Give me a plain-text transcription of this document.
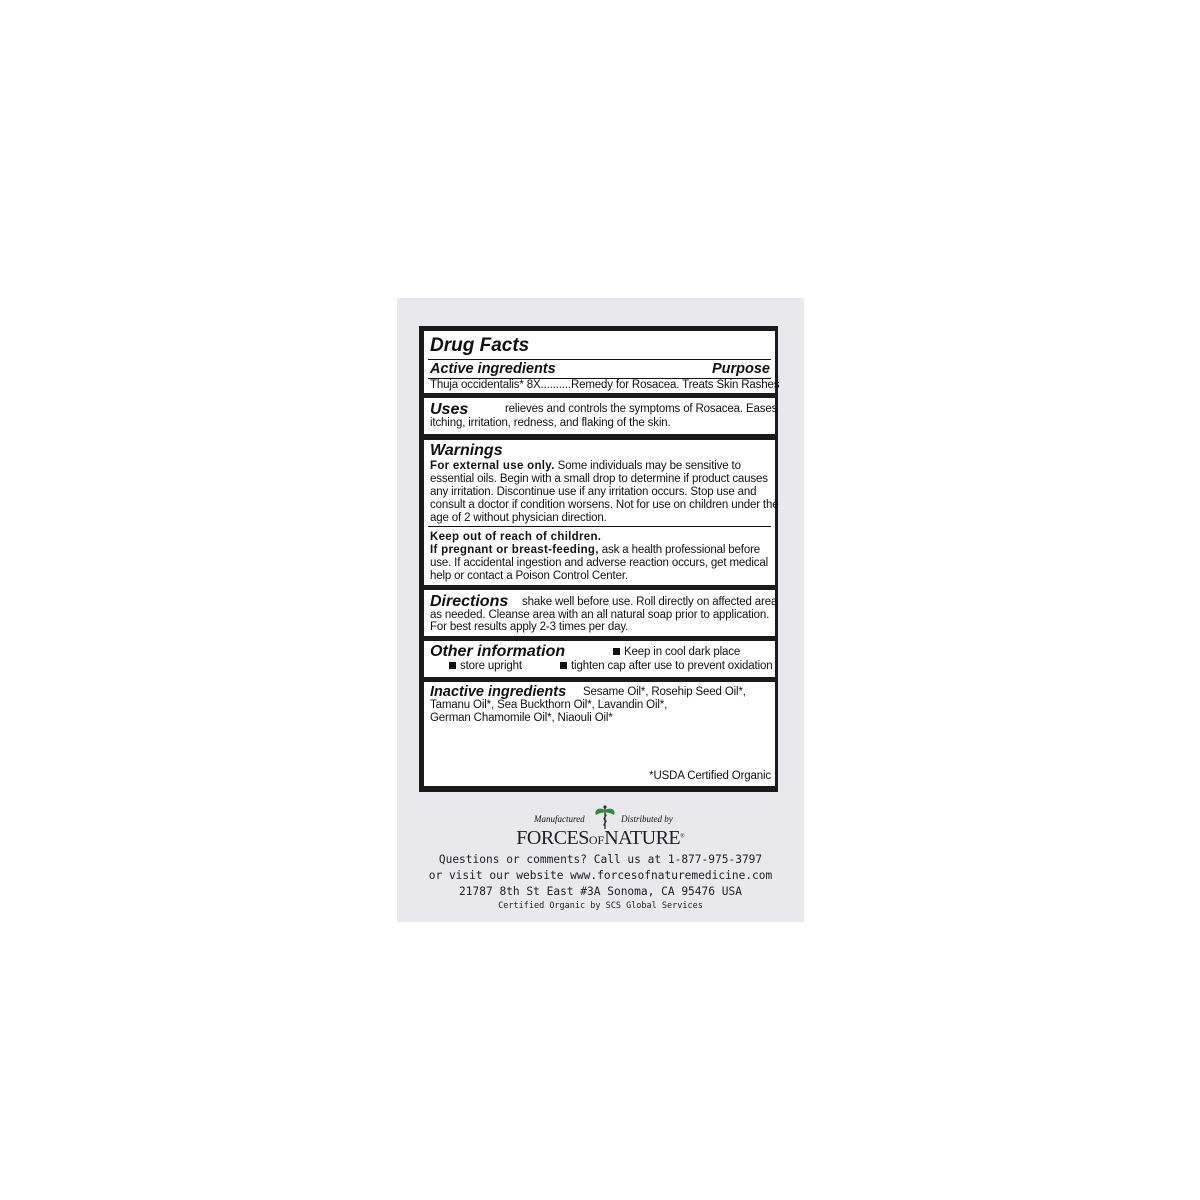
Drug Facts
Active ingredients	Purpose
Thuja occidentalis* 8X..........Remedy for Rosacea. Treats Skin Rashes
Uses	relieves and controls the symptoms of Rosacea. Eases
itching, irritation, redness, and flaking of the skin.
Warnings
For external use only. Some individuals may be sensitive to
essential oils. Begin with a small drop to determine if product causes
any irritation. Discontinue use if any irritation occurs. Stop use and
consult a doctor if condition worsens. Not for use on children under the
age of 2 without physician direction.
Keep out of reach of children.
If pregnant or breast-feeding, ask a health professional before
use. If accidental ingestion and adverse reaction occurs, get medical
help or contact a Poison Control Center.
Directions shake well before use. Roll directly on affected area
as needed. Cleanse area with an all natural soap prior to application.
For best results apply 2-3 times per day.
Other information	Keep in cool dark place
store upright	tighten cap after use to prevent oxidation
Inactive ingredients Sesame Oil*, Rosehip Seed Oil*,
Tamanu Oil*, Sea Buckthorn Oil*, Lavandin Oil*,
German Chamomile Oil*, Niaouli Oil*
*USDA Certified Organic
Manufactured	Distributed by
FORCESOFNATURE®
Questions or comments? Call us at 1-877-975-3797
or visit our website www.forcesofnaturemedicine.com
21787 8th St East #3A Sonoma, CA 95476 USA
Certified Organic by SCS Global Services
